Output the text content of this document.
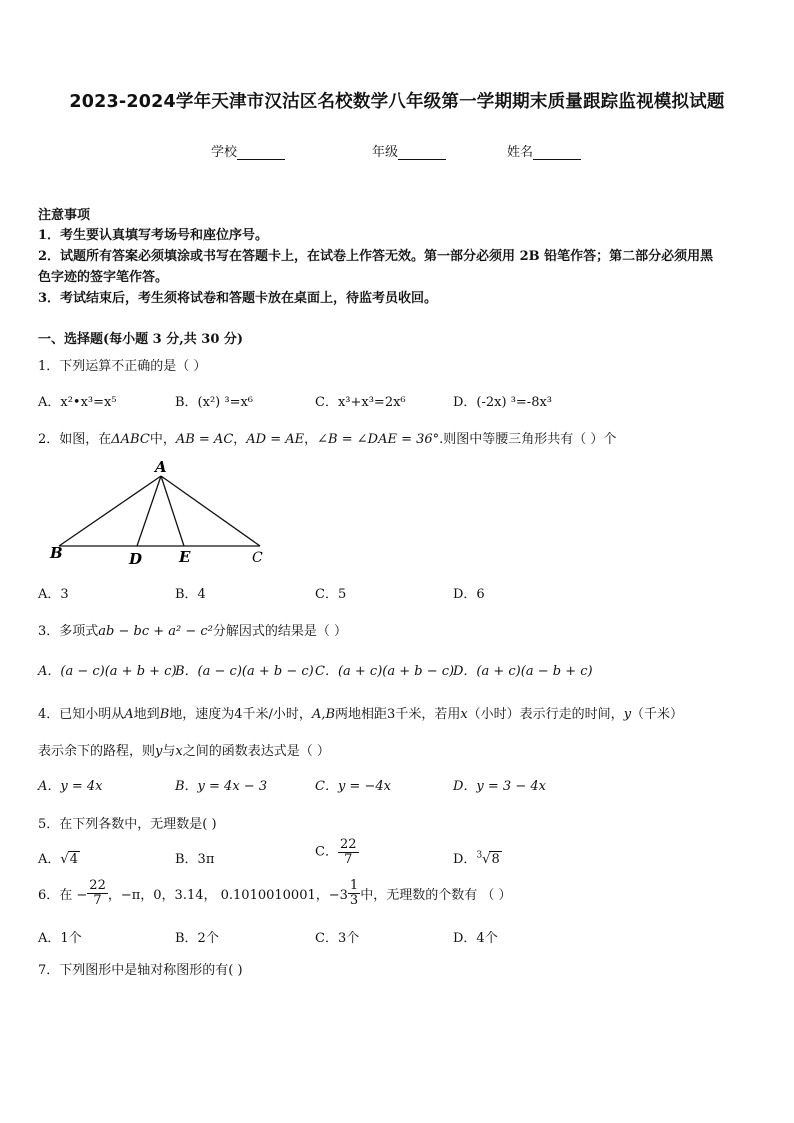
2023-2024学年天津市汉沽区名校数学八年级第一学期期末质量跟踪监视模拟试题
学校	年级	姓名
注意事项
1．考生要认真填写考场号和座位序号。
2．试题所有答案必须填涂或书写在答题卡上，在试卷上作答无效。第一部分必须用 2B 铅笔作答；第二部分必须用黑
色字迹的签字笔作答。
3．考试结束后，考生须将试卷和答题卡放在桌面上，待监考员收回。
一、选择题(每小题 3 分,共 30 分)
1．下列运算不正确的是（ ）
A．x²•x³=x⁵	B．(x²) ³=x⁶	C．x³+x³=2x⁶	D．(-2x) ³=-8x³
2．如图，在ΔABC中，AB = AC，AD = AE，∠B = ∠DAE = 36°.则图中等腰三角形共有（ ）个
A
B	D E	C
A．3	B．4	C．5	D．6
3．多项式ab − bc + a² − c²分解因式的结果是（ ）
A．(a − c)(a + b + c)
B．(a − c)(a + b − c) C．(a + c)(a + b − c)
D．(a + c)(a − b + c)
4．已知小明从A地到B地，速度为4千米/小时，A,B两地相距3千米，若用x（小时）表示行走的时间，y（千米）
表示余下的路程，则y与x之间的函数表达式是（ ）
A．y = 4x	B．y = 4x − 3	C．y = −4x	D．y = 3 − 4x
5．在下列各数中，无理数是( )
A．√4	B．3π	C． $\frac{22}{7}$	D．$^3$√8
6．在 − $\frac{22}{7}$ ，−π，0，3.14， 0.1010010001，$-3 \frac{1}{3}$ 中，无理数的个数有 （ ）
A．1个	B．2个	C．3个	D．4个
7．下列图形中是轴对称图形的有( )
